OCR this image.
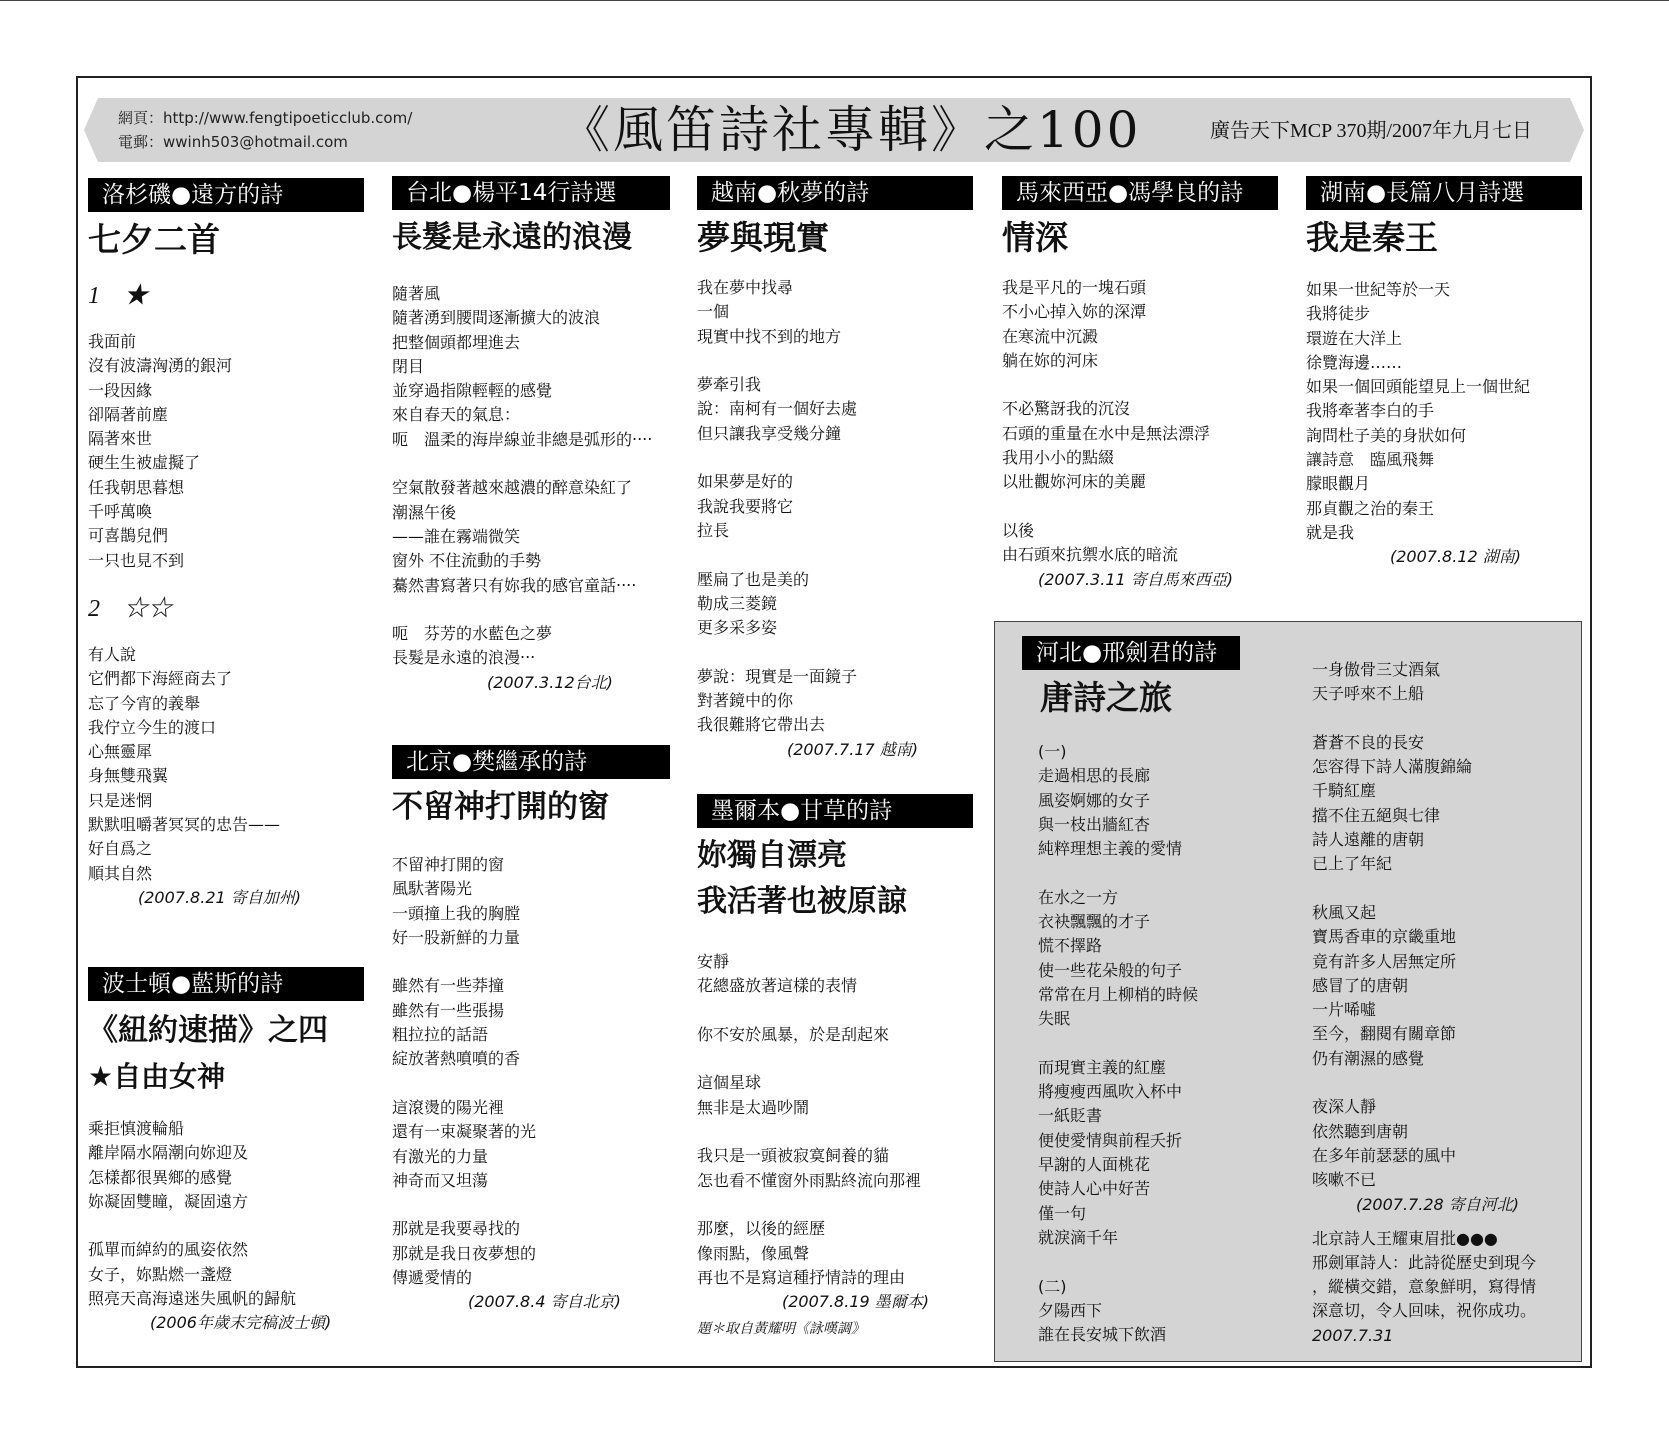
網頁：http://www.fengtipoeticclub.com/
電郵：wwinh503@hotmail.com	《風笛詩社專輯》之100	廣告天下MCP 370期/2007年九月七日
洛杉磯●遠方的詩
七夕二首
1　★
我面前
沒有波濤洶湧的銀河
一段因緣
卻隔著前塵
隔著來世
硬生生被虛擬了
任我朝思暮想
千呼萬喚
可喜鵲兒們
一只也見不到
2　☆☆
有人說
它們都下海經商去了
忘了今宵的義舉
我佇立今生的渡口
心無靈犀
身無雙飛翼
只是迷惘
默默咀嚼著冥冥的忠告——
好自爲之
順其自然
(2007.8.21 寄自加州)
波士頓●藍斯的詩
《紐約速描》之四
★自由女神
乘拒慎渡輪船
離岸隔水隔潮向妳迎及
怎樣都很異鄉的感覺
妳凝固雙瞳，凝固遠方
孤單而綽約的風姿依然
女子，妳點燃一盞燈
照亮天高海遠迷失風帆的歸航
(2006年歲末完稿波士頓)
台北●楊平14行詩選
長髮是永遠的浪漫
隨著風
隨著湧到腰間逐漸擴大的波浪
把整個頭都埋進去
閉目
並穿過指隙輕輕的感覺
來自春天的氣息：
呃　溫柔的海岸線並非總是弧形的‧‧‧‧
空氣散發著越來越濃的醉意染紅了
潮濕午後
——誰在霧端微笑
窗外 不住流動的手勢
驀然書寫著只有妳我的感官童話‧‧‧‧
呃　芬芳的水藍色之夢
長髮是永遠的浪漫‧‧‧
(2007.3.12台北)
北京●樊繼承的詩
不留神打開的窗
不留神打開的窗
風馱著陽光
一頭撞上我的胸膛
好一股新鮮的力量
雖然有一些莽撞
雖然有一些張揚
粗拉拉的話語
綻放著熱噴噴的香
這滾燙的陽光裡
還有一束凝聚著的光
有激光的力量
神奇而又坦蕩
那就是我要尋找的
那就是我日夜夢想的
傳遞愛情的
(2007.8.4 寄自北京)
越南●秋夢的詩
夢與現實
我在夢中找尋
一個
現實中找不到的地方
夢牽引我
說：南柯有一個好去處
但只讓我享受幾分鐘
如果夢是好的
我說我要將它
拉長
壓扁了也是美的
勒成三菱鏡
更多采多姿
夢說：現實是一面鏡子
對著鏡中的你
我很難將它帶出去
(2007.7.17 越南)
墨爾本●甘草的詩
妳獨自漂亮
我活著也被原諒
安靜
花總盛放著這樣的表情
你不安於風暴，於是刮起來
這個星球
無非是太過吵鬧
我只是一頭被寂寞飼養的貓
怎也看不懂窗外雨點終流向那裡
那麼，以後的經歷
像雨點，像風聲
再也不是寫這種抒情詩的理由
(2007.8.19 墨爾本)
題＊取自黃耀明《詠嘆調》
馬來西亞●馮學良的詩
情深
我是平凡的一塊石頭
不小心掉入妳的深潭
在寒流中沉澱
躺在妳的河床
不必驚訝我的沉沒
石頭的重量在水中是無法漂浮
我用小小的點綴
以壯觀妳河床的美麗
以後
由石頭來抗禦水底的暗流
(2007.3.11 寄自馬來西亞)
湖南●長篇八月詩選
我是秦王
如果一世紀等於一天
我將徒步
環遊在大洋上
徐覽海邊……
如果一個回頭能望見上一個世紀
我將牽著李白的手
詢問杜子美的身狀如何
讓詩意　臨風飛舞
朦眼觀月
那貞觀之治的秦王
就是我
(2007.8.12 湖南)
河北●邢劍君的詩
唐詩之旅
(一)
走過相思的長廊
風姿婀娜的女子
與一枝出牆紅杏
純粹理想主義的愛情
在水之一方
衣袂飄飄的才子
慌不擇路
使一些花朵般的句子
常常在月上柳梢的時候
失眠
而現實主義的紅塵
將瘦瘦西風吹入杯中
一紙貶書
便使愛情與前程夭折
早謝的人面桃花
使詩人心中好苦
僅一句
就淚滴千年
(二)
夕陽西下
誰在長安城下飲酒
一身傲骨三丈酒氣
天子呼來不上船
蒼蒼不良的長安
怎容得下詩人滿腹錦綸
千騎紅塵
擋不住五絕與七律
詩人遠離的唐朝
已上了年紀
秋風又起
寶馬香車的京畿重地
竟有許多人居無定所
感冒了的唐朝
一片唏噓
至今，翻閱有關章節
仍有潮濕的感覺
夜深人靜
依然聽到唐朝
在多年前瑟瑟的風中
咳嗽不已
(2007.7.28 寄自河北)
北京詩人王耀東眉批●●●
邢劍軍詩人：此詩從歷史到現今
，縱橫交錯，意象鮮明，寫得情
深意切，令人回味，祝你成功。
2007.7.31
